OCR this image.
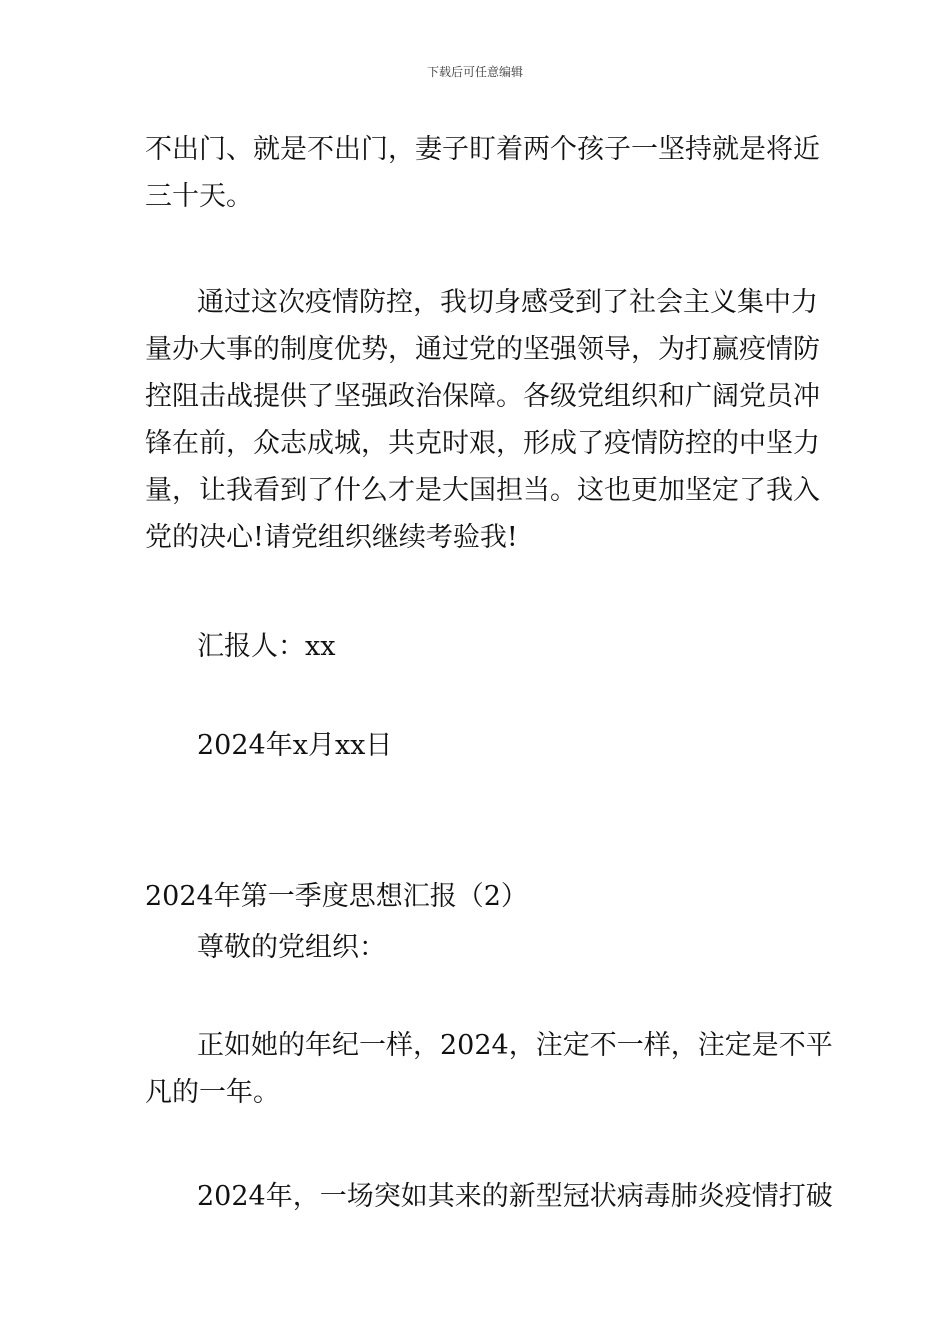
下载后可任意编辑
不出门、就是不出门，妻子盯着两个孩子一坚持就是将近
三十天。
通过这次疫情防控，我切身感受到了社会主义集中力
量办大事的制度优势，通过党的坚强领导，为打赢疫情防
控阻击战提供了坚强政治保障。各级党组织和广阔党员冲
锋在前，众志成城，共克时艰，形成了疫情防控的中坚力
量，让我看到了什么才是大国担当。这也更加坚定了我入
党的决心!请党组织继续考验我!
汇报人：xx
2024年x月xx日
2024年第一季度思想汇报（2）
尊敬的党组织：
正如她的年纪一样，2024，注定不一样，注定是不平
凡的一年。
2024年，一场突如其来的新型冠状病毒肺炎疫情打破
